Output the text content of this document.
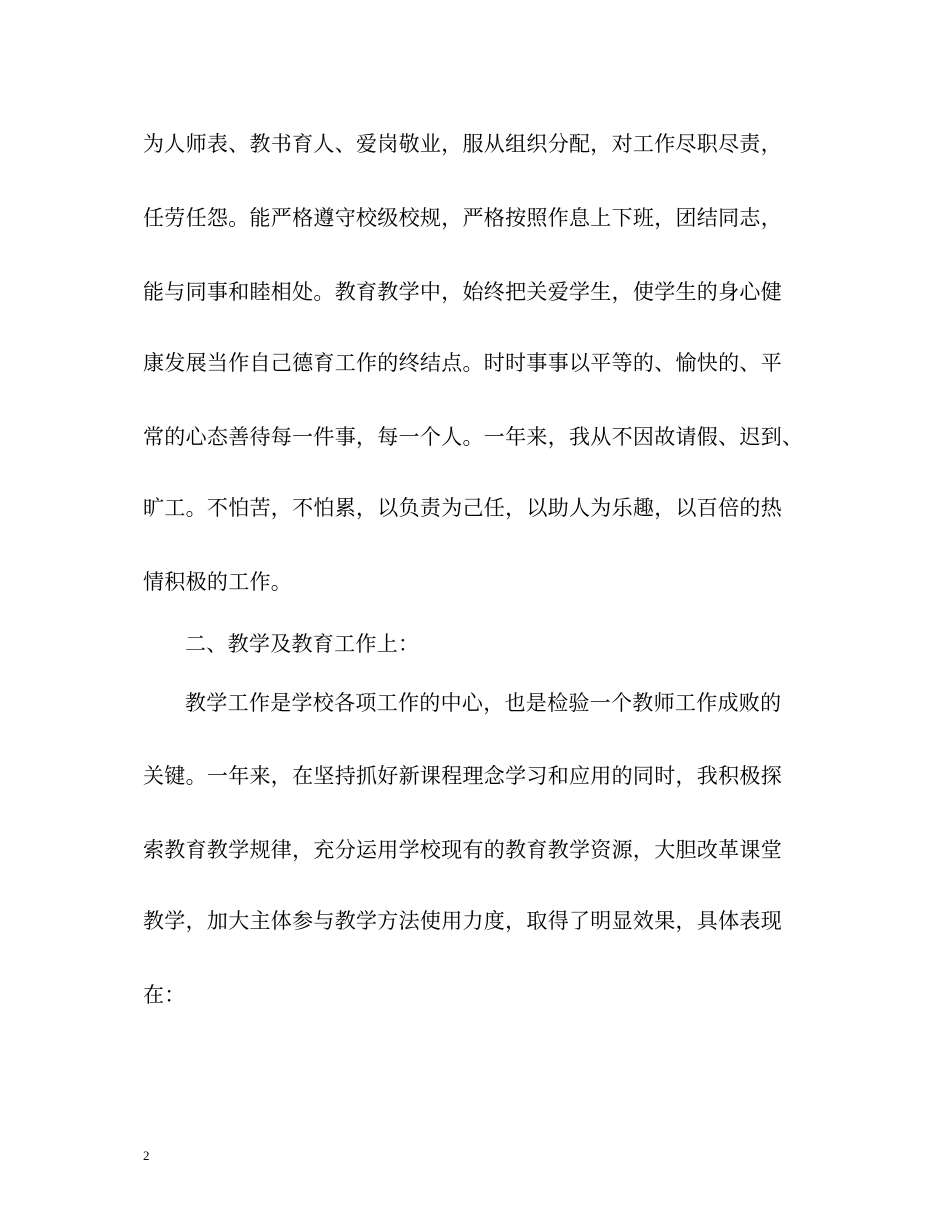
为人师表、教书育人、爱岗敬业，服从组织分配，对工作尽职尽责，
任劳任怨。能严格遵守校级校规，严格按照作息上下班，团结同志，
能与同事和睦相处。教育教学中，始终把关爱学生，使学生的身心健
康发展当作自己德育工作的终结点。时时事事以平等的、愉快的、平
常的心态善待每一件事，每一个人。一年来，我从不因故请假、迟到、
旷工。不怕苦，不怕累，以负责为己任，以助人为乐趣，以百倍的热
情积极的工作。
二、教学及教育工作上：
教学工作是学校各项工作的中心，也是检验一个教师工作成败的
关键。一年来，在坚持抓好新课程理念学习和应用的同时，我积极探
索教育教学规律，充分运用学校现有的教育教学资源，大胆改革课堂
教学，加大主体参与教学方法使用力度，取得了明显效果，具体表现
在：
2
